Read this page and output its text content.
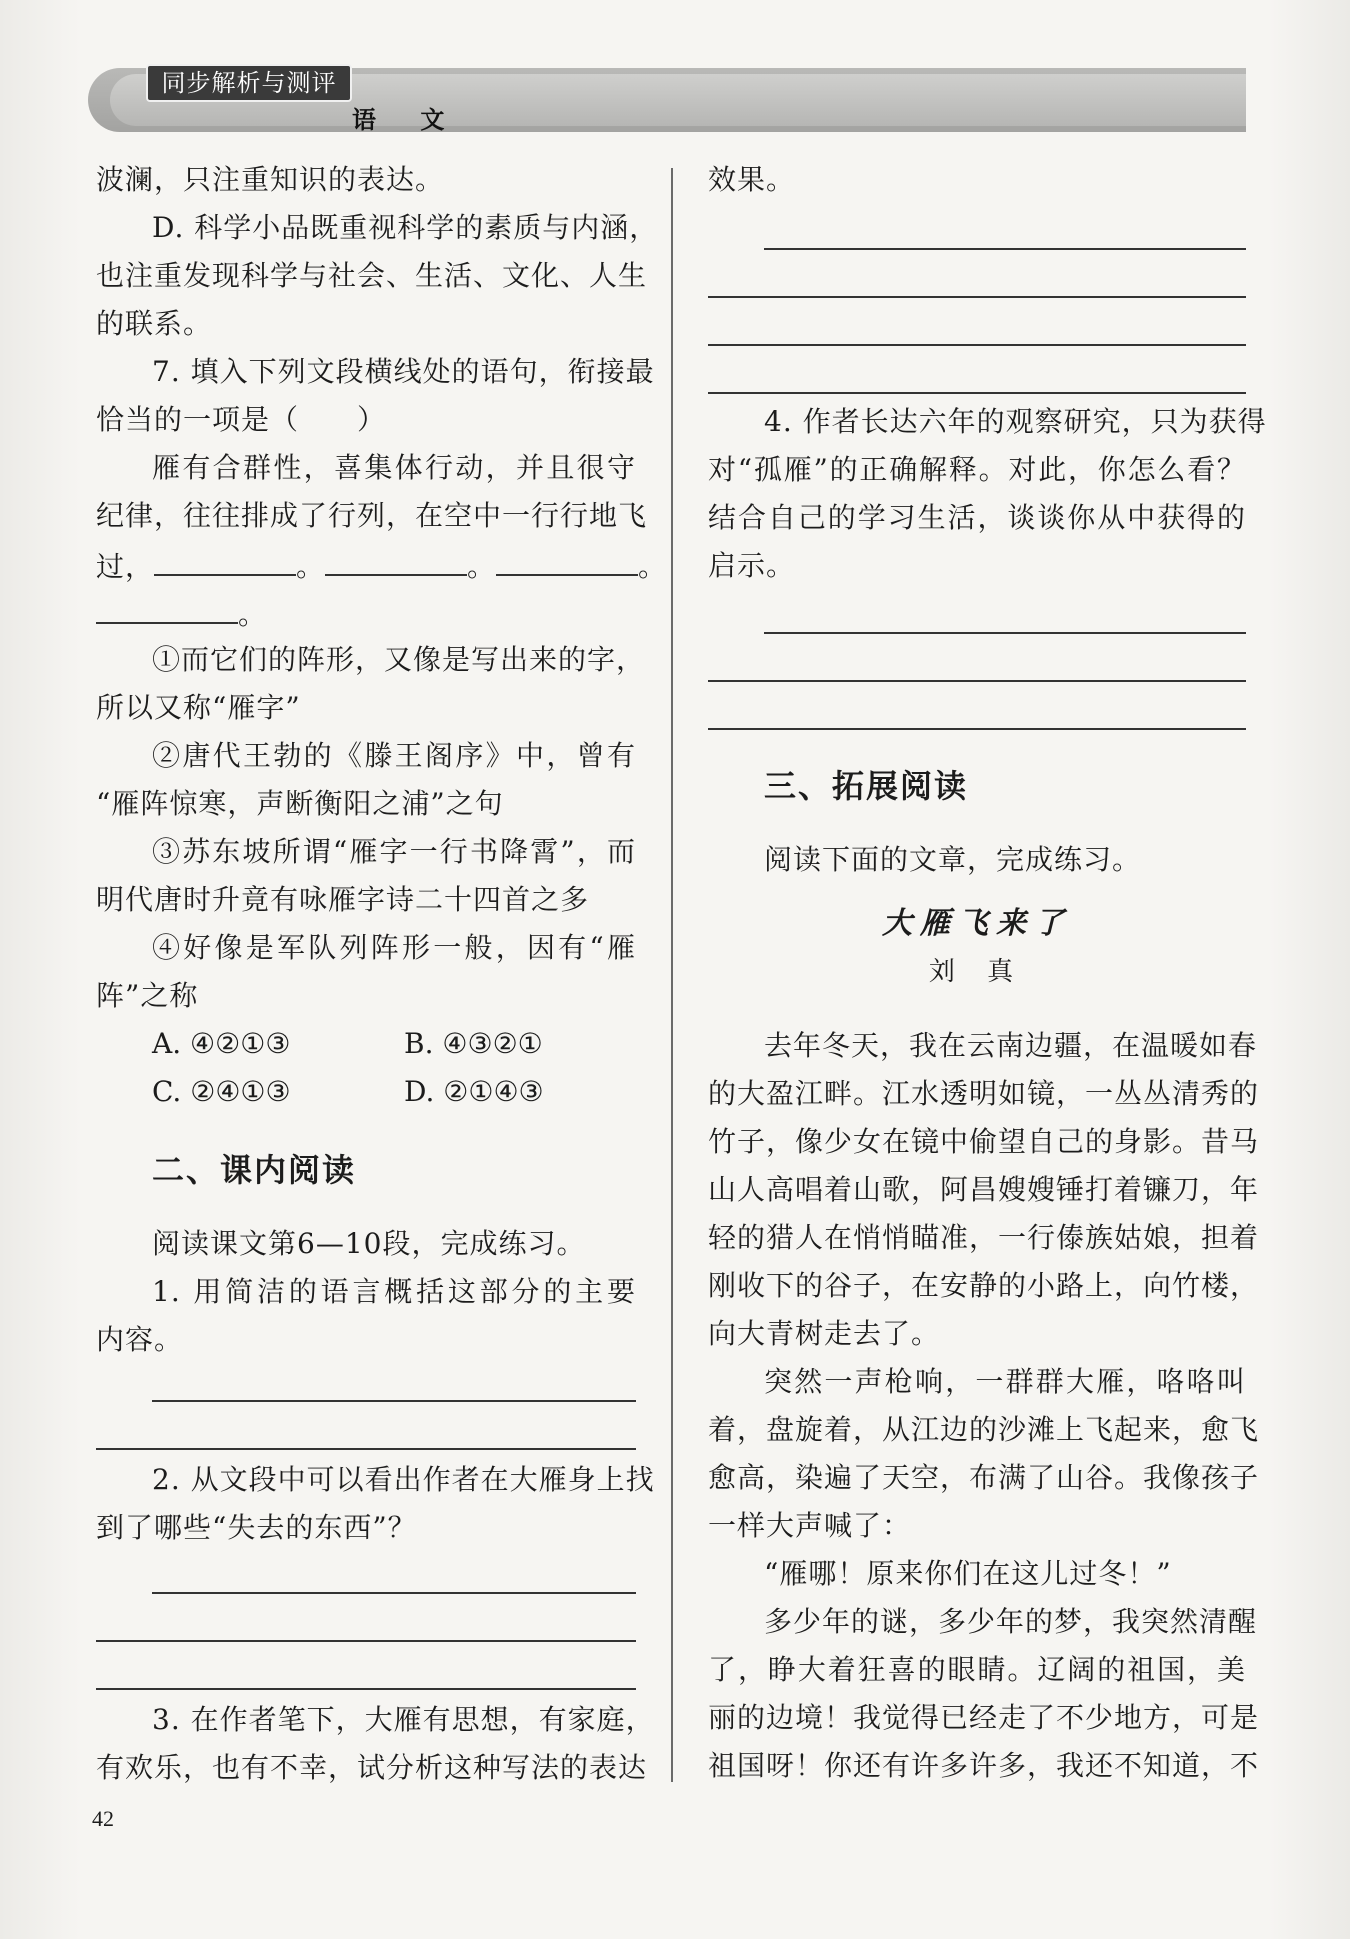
同步解析与测评
语 文
波澜，只注重知识的表达。
D. 科学小品既重视科学的素质与内涵，
也注重发现科学与社会、生活、文化、人生
的联系。
7. 填入下列文段横线处的语句，衔接最
恰当的一项是（　　）
雁有合群性，喜集体行动，并且很守
纪律，往往排成了行列，在空中一行行地飞
过，	。	。	。
。
①而它们的阵形，又像是写出来的字，
所以又称“雁字”
②唐代王勃的《滕王阁序》中，曾有
“雁阵惊寒，声断衡阳之浦”之句
③苏东坡所谓“雁字一行书降霄”，而
明代唐时升竟有咏雁字诗二十四首之多
④好像是军队列阵形一般，因有“雁
阵”之称
A. ④②①③	B. ④③②①
C. ②④①③	D. ②①④③
二、课内阅读
阅读课文第6—10段，完成练习。
1. 用简洁的语言概括这部分的主要
内容。
2. 从文段中可以看出作者在大雁身上找
到了哪些“失去的东西”？
3. 在作者笔下，大雁有思想，有家庭，
有欢乐，也有不幸，试分析这种写法的表达
效果。
4. 作者长达六年的观察研究，只为获得
对“孤雁”的正确解释。对此，你怎么看？
结合自己的学习生活，谈谈你从中获得的
启示。
三、拓展阅读
阅读下面的文章，完成练习。
大雁飞来了
刘 真
去年冬天，我在云南边疆，在温暖如春
的大盈江畔。江水透明如镜，一丛丛清秀的
竹子，像少女在镜中偷望自己的身影。昔马
山人高唱着山歌，阿昌嫂嫂锤打着镰刀，年
轻的猎人在悄悄瞄准，一行傣族姑娘，担着
刚收下的谷子，在安静的小路上，向竹楼，
向大青树走去了。
突然一声枪响，一群群大雁，咯咯叫
着，盘旋着，从江边的沙滩上飞起来，愈飞
愈高，染遍了天空，布满了山谷。我像孩子
一样大声喊了：
“雁哪！原来你们在这儿过冬！”
多少年的谜，多少年的梦，我突然清醒
了，睁大着狂喜的眼睛。辽阔的祖国，美
丽的边境！我觉得已经走了不少地方，可是
祖国呀！你还有许多许多，我还不知道，不
42
